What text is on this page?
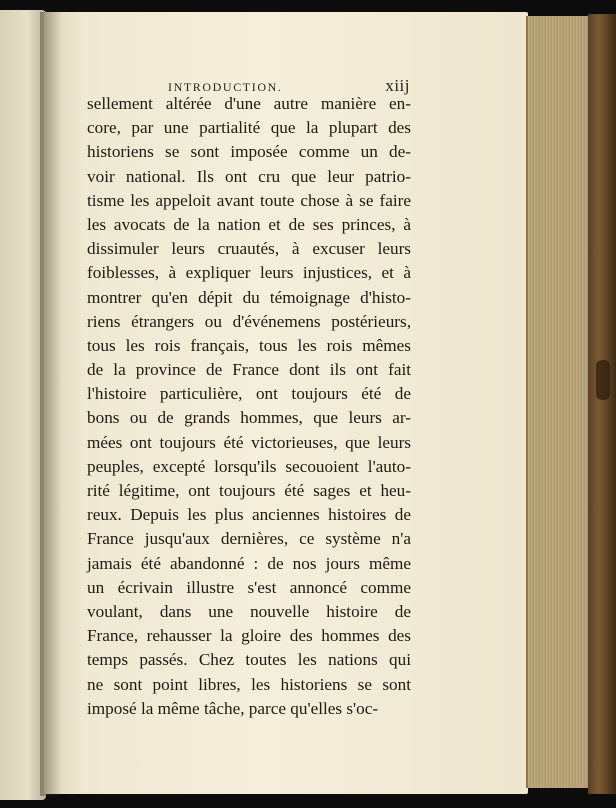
INTRODUCTION.	xiij
sellement altérée d'une autre manière en-
core, par une partialité que la plupart des
historiens se sont imposée comme un de-
voir national. Ils ont cru que leur patrio-
tisme les appeloit avant toute chose à se faire
les avocats de la nation et de ses princes, à
dissimuler leurs cruautés, à excuser leurs
foiblesses, à expliquer leurs injustices, et à
montrer qu'en dépit du témoignage d'histo-
riens étrangers ou d'événemens postérieurs,
tous les rois français, tous les rois mêmes
de la province de France dont ils ont fait
l'histoire particulière, ont toujours été de
bons ou de grands hommes, que leurs ar-
mées ont toujours été victorieuses, que leurs
peuples, excepté lorsqu'ils secouoient l'auto-
rité légitime, ont toujours été sages et heu-
reux. Depuis les plus anciennes histoires de
France jusqu'aux dernières, ce système n'a
jamais été abandonné : de nos jours même
un écrivain illustre s'est annoncé comme
voulant, dans une nouvelle histoire de
France, rehausser la gloire des hommes des
temps passés. Chez toutes les nations qui
ne sont point libres, les historiens se sont
imposé la même tâche, parce qu'elles s'oc-
